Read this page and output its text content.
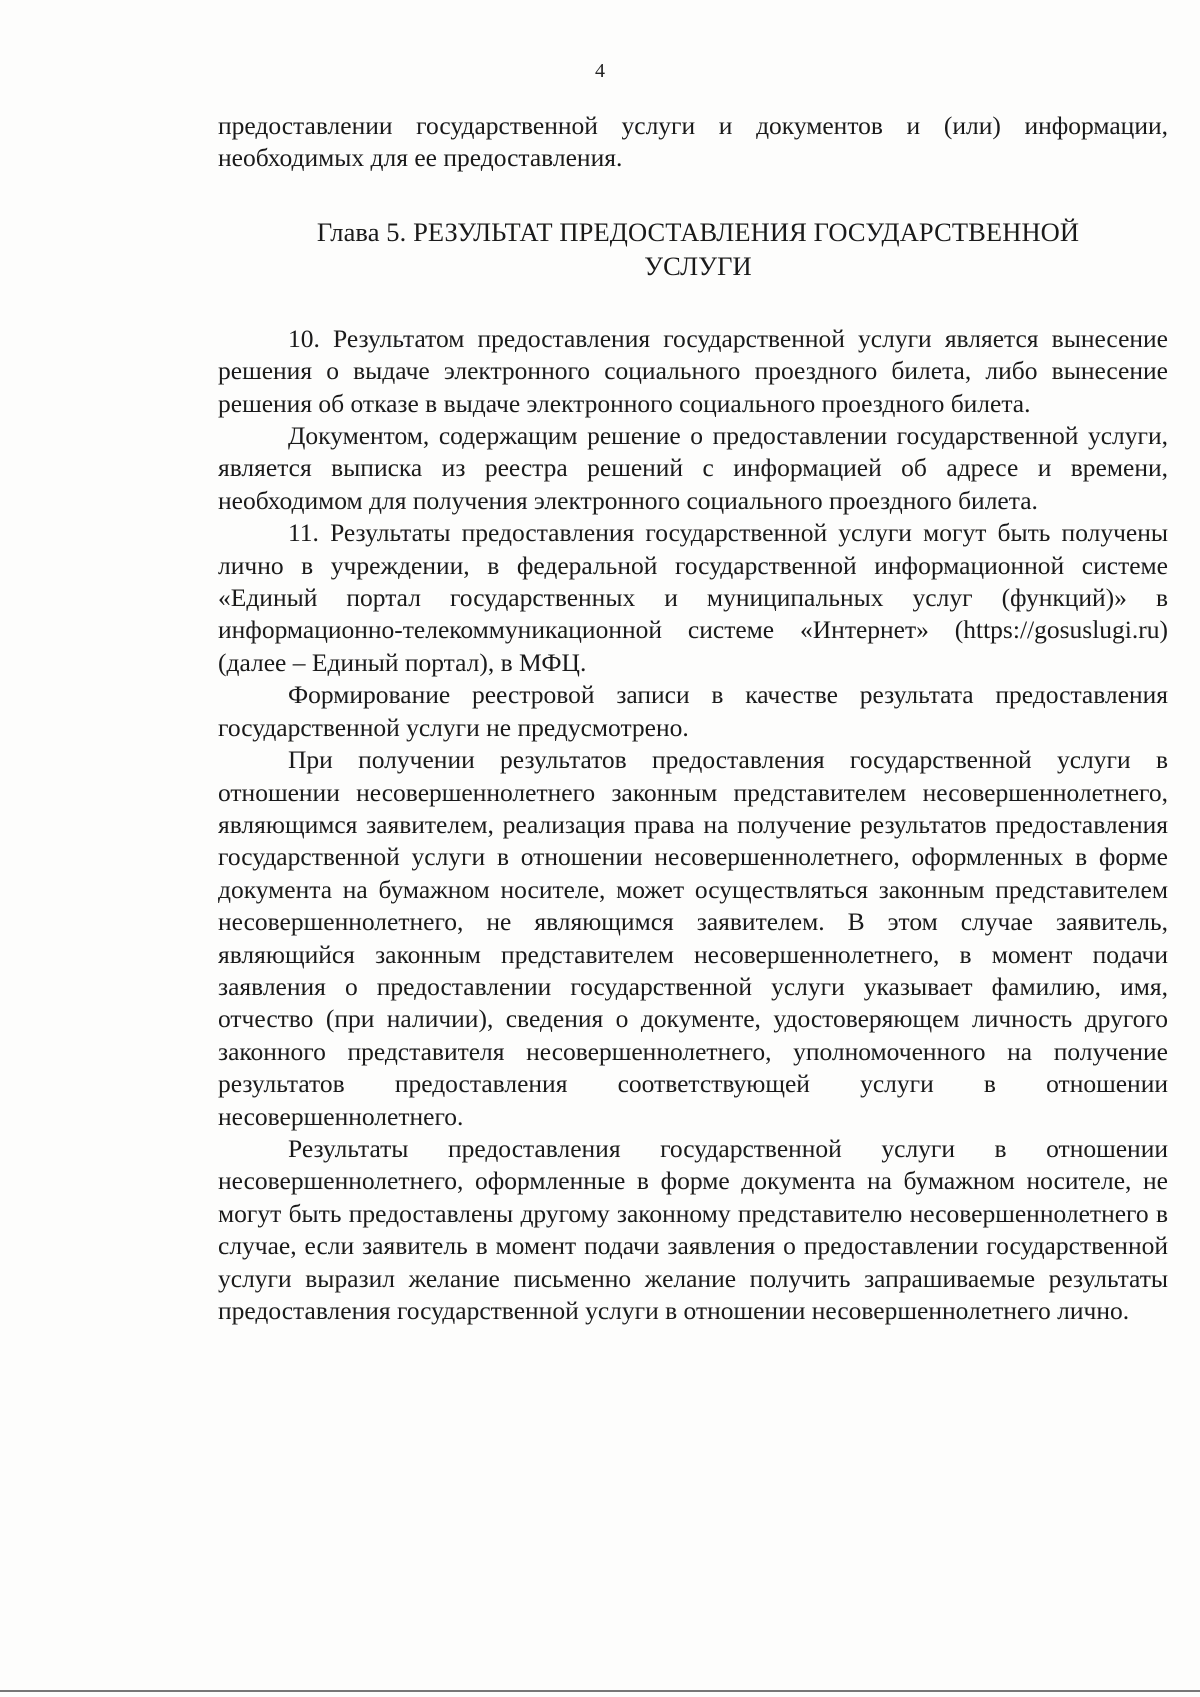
4

предоставлении государственной услуги и документов и (или) информации, необходимых для ее предоставления.

Глава 5. РЕЗУЛЬТАТ ПРЕДОСТАВЛЕНИЯ ГОСУДАРСТВЕННОЙ УСЛУГИ

10. Результатом предоставления государственной услуги является вынесение решения о выдаче электронного социального проездного билета, либо вынесение решения об отказе в выдаче электронного социального проездного билета.

Документом, содержащим решение о предоставлении государственной услуги, является выписка из реестра решений с информацией об адресе и времени, необходимом для получения электронного социального проездного билета.

11. Результаты предоставления государственной услуги могут быть получены лично в учреждении, в федеральной государственной информационной системе «Единый портал государственных и муниципальных услуг (функций)» в информационно-телекоммуникационной системе «Интернет» (https://gosuslugi.ru) (далее – Единый портал), в МФЦ.

Формирование реестровой записи в качестве результата предоставления государственной услуги не предусмотрено.

При получении результатов предоставления государственной услуги в отношении несовершеннолетнего законным представителем несовершеннолетнего, являющимся заявителем, реализация права на получение результатов предоставления государственной услуги в отношении несовершеннолетнего, оформленных в форме документа на бумажном носителе, может осуществляться законным представителем несовершеннолетнего, не являющимся заявителем. В этом случае заявитель, являющийся законным представителем несовершеннолетнего, в момент подачи заявления о предоставлении государственной услуги указывает фамилию, имя, отчество (при наличии), сведения о документе, удостоверяющем личность другого законного представителя несовершеннолетнего, уполномоченного на получение результатов предоставления соответствующей услуги в отношении несовершеннолетнего.

Результаты предоставления государственной услуги в отношении несовершеннолетнего, оформленные в форме документа на бумажном носителе, не могут быть предоставлены другому законному представителю несовершеннолетнего в случае, если заявитель в момент подачи заявления о предоставлении государственной услуги выразил желание письменно желание получить запрашиваемые результаты предоставления государственной услуги в отношении несовершеннолетнего лично.
